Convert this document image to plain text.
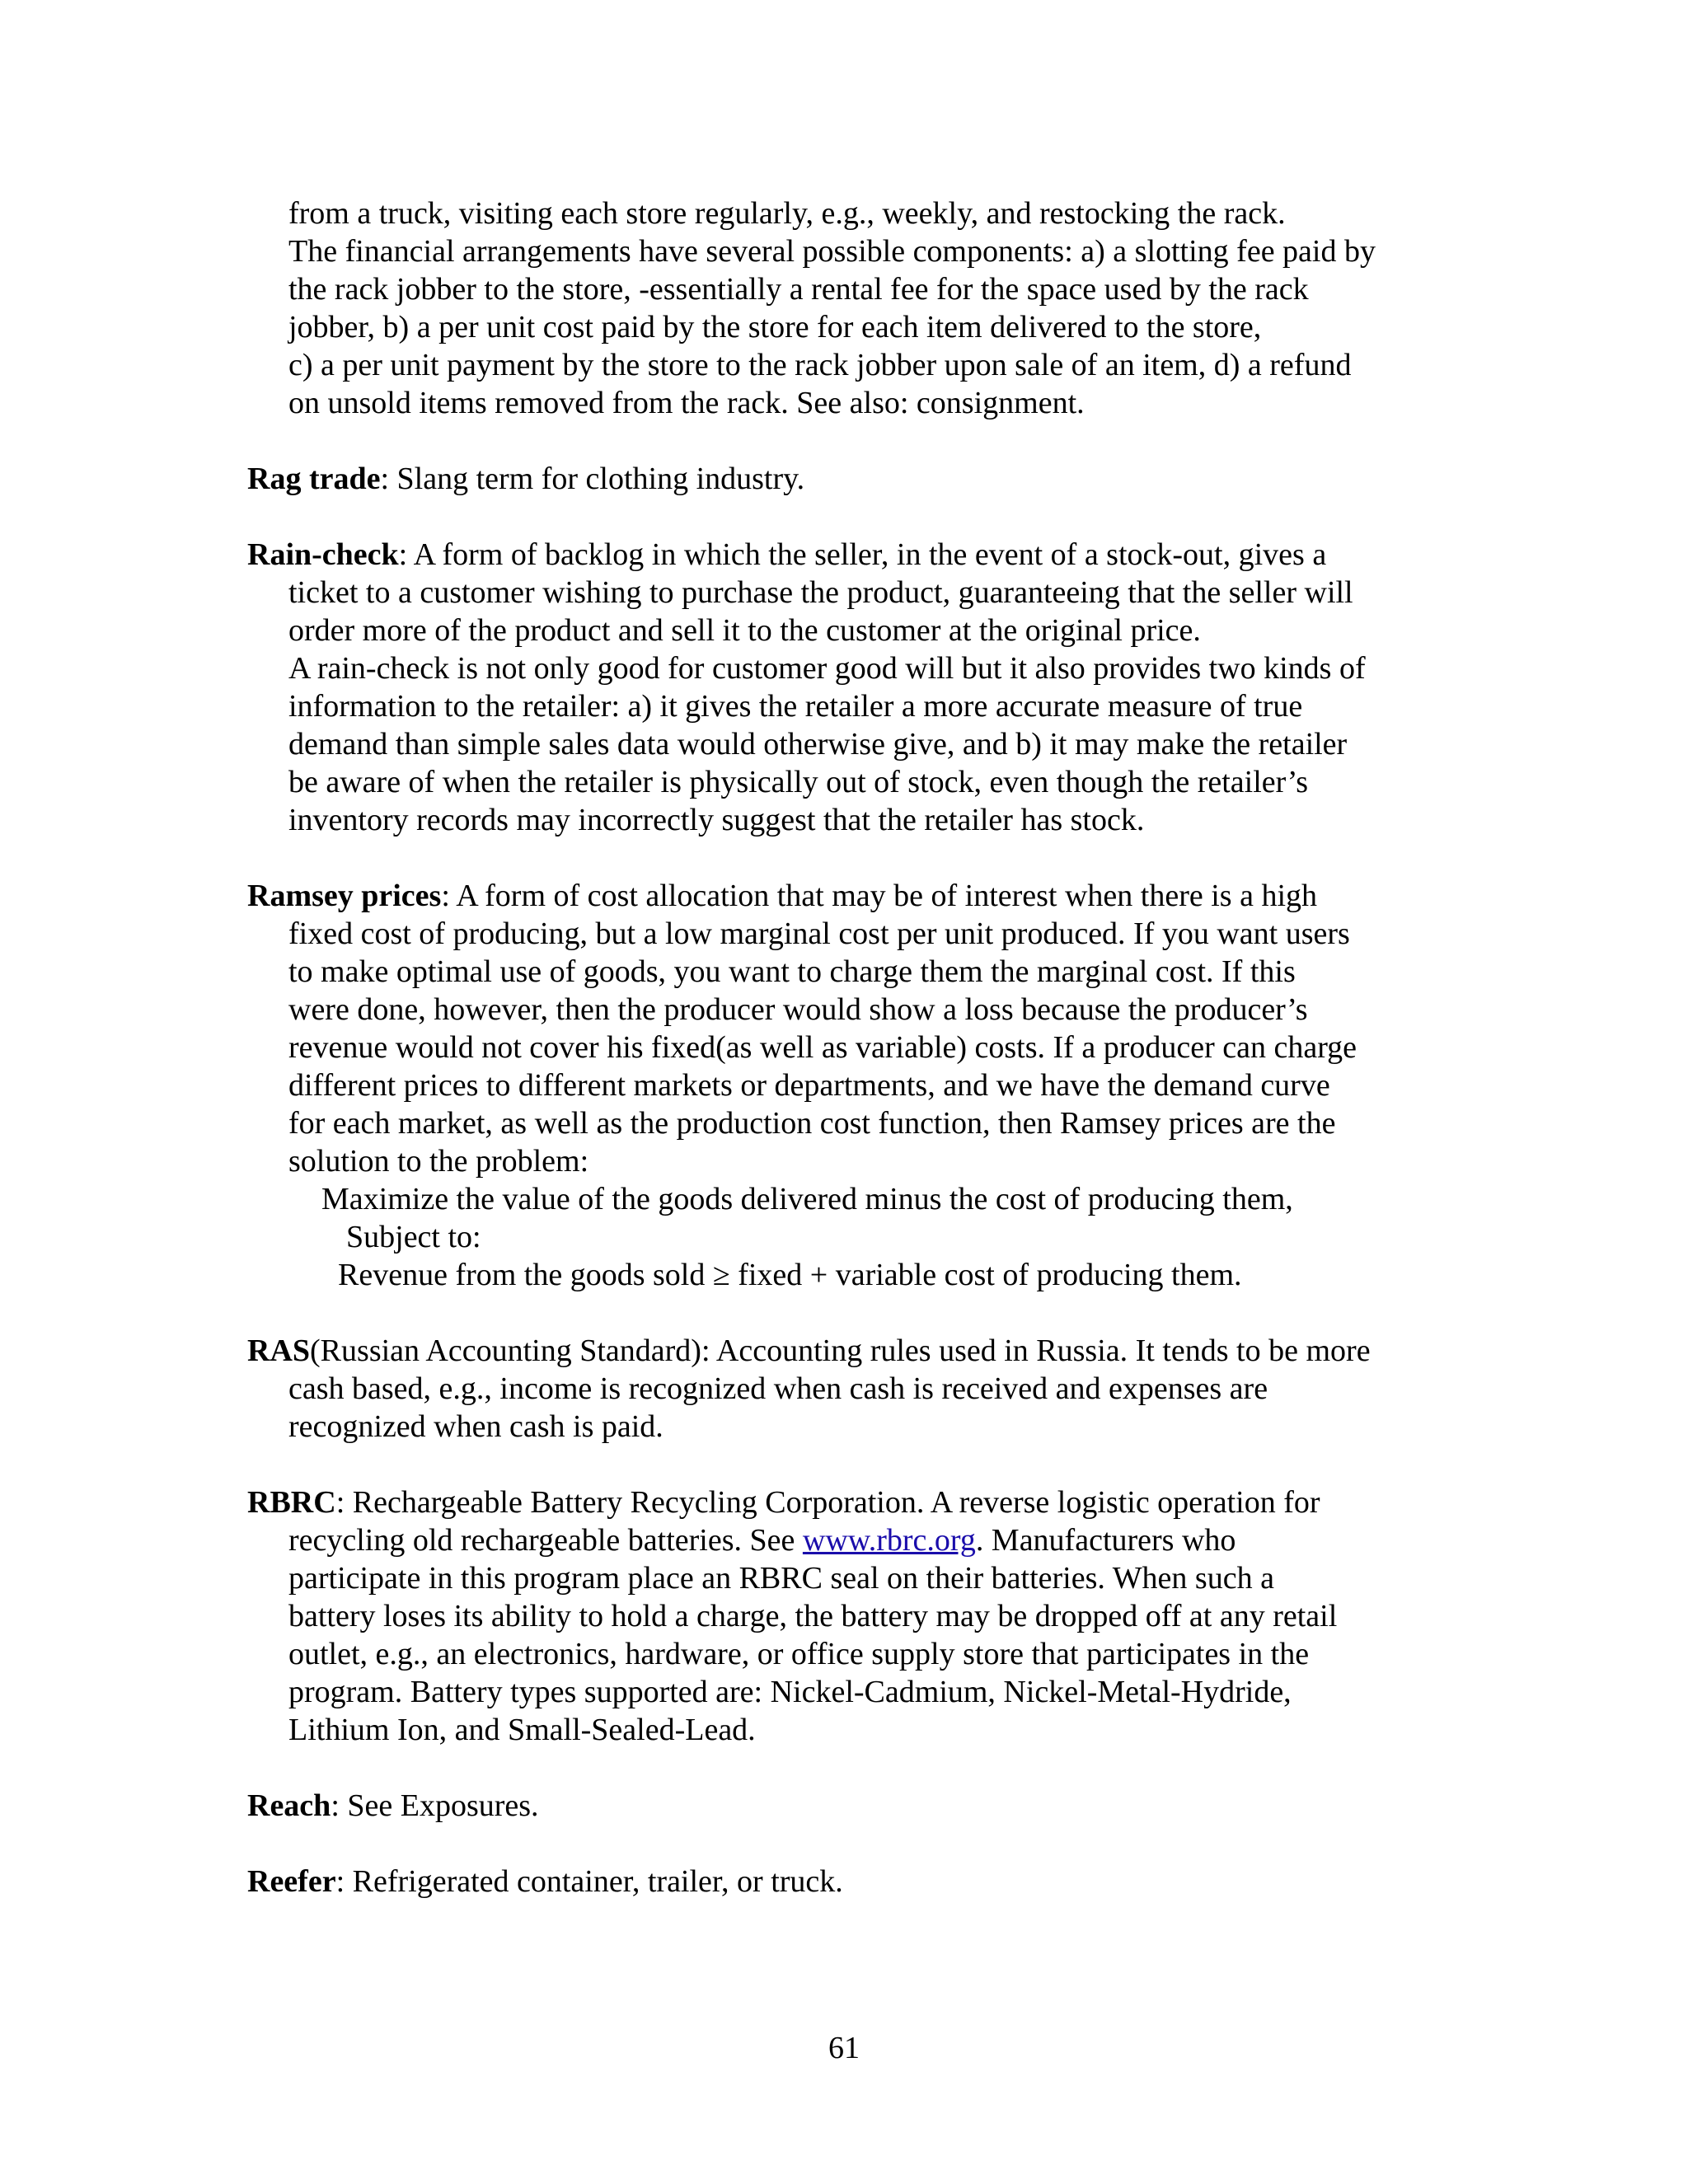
from a truck, visiting each store regularly, e.g., weekly, and restocking the rack.
The financial arrangements have several possible components: a) a slotting fee paid by
the rack jobber to the store, -essentially a rental fee for the space used by the rack
jobber, b) a per unit cost paid by the store for each item delivered to the store,
c) a per unit payment by the store to the rack jobber upon sale of an item, d) a refund
on unsold items removed from the rack. See also: consignment.
Rag trade: Slang term for clothing industry.
Rain-check: A form of backlog in which the seller, in the event of a stock-out, gives a
ticket to a customer wishing to purchase the product, guaranteeing that the seller will
order more of the product and sell it to the customer at the original price.
A rain-check is not only good for customer good will but it also provides two kinds of
information to the retailer: a) it gives the retailer a more accurate measure of true
demand than simple sales data would otherwise give, and b) it may make the retailer
be aware of when the retailer is physically out of stock, even though the retailer’s
inventory records may incorrectly suggest that the retailer has stock.
Ramsey prices: A form of cost allocation that may be of interest when there is a high
fixed cost of producing, but a low marginal cost per unit produced. If you want users
to make optimal use of goods, you want to charge them the marginal cost. If this
were done, however, then the producer would show a loss because the producer’s
revenue would not cover his fixed(as well as variable) costs. If a producer can charge
different prices to different markets or departments, and we have the demand curve
for each market, as well as the production cost function, then Ramsey prices are the
solution to the problem:
Maximize the value of the goods delivered minus the cost of producing them,
Subject to:
Revenue from the goods sold ≥ fixed + variable cost of producing them.
RAS(Russian Accounting Standard): Accounting rules used in Russia. It tends to be more
cash based, e.g., income is recognized when cash is received and expenses are
recognized when cash is paid.
RBRC: Rechargeable Battery Recycling Corporation. A reverse logistic operation for
recycling old rechargeable batteries. See www.rbrc.org. Manufacturers who
participate in this program place an RBRC seal on their batteries. When such a
battery loses its ability to hold a charge, the battery may be dropped off at any retail
outlet, e.g., an electronics, hardware, or office supply store that participates in the
program. Battery types supported are: Nickel-Cadmium, Nickel-Metal-Hydride,
Lithium Ion, and Small-Sealed-Lead.
Reach: See Exposures.
Reefer: Refrigerated container, trailer, or truck.
61
